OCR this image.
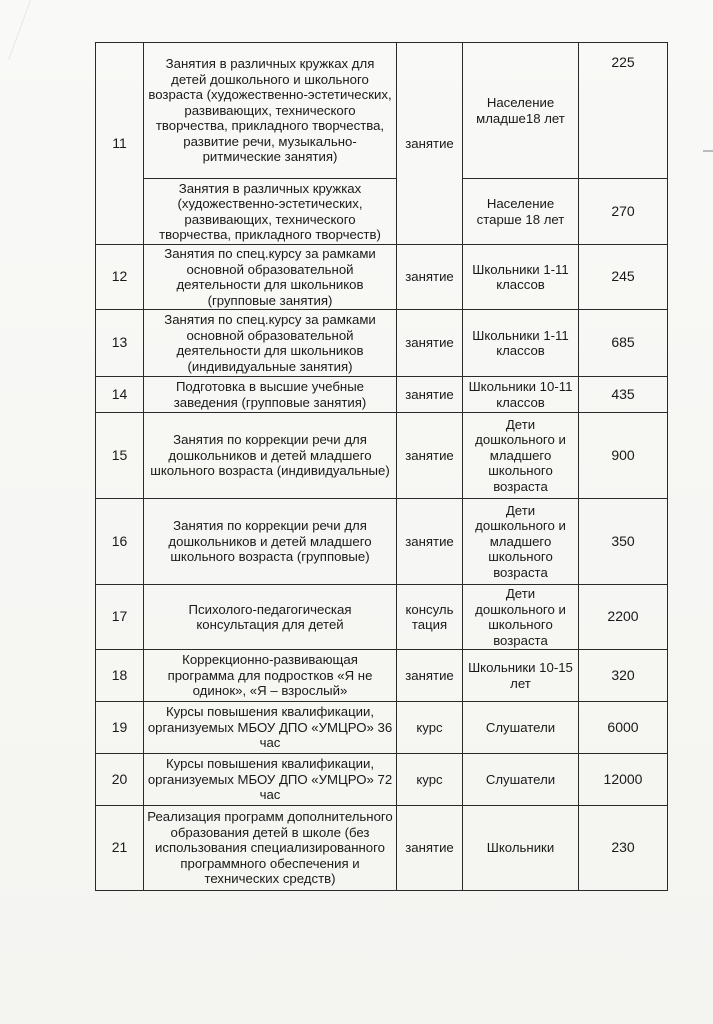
11	Занятия в различных кружках для детей дошкольного и школьного возраста (художественно-эстетических, развивающих, технического творчества, прикладного творчества, развитие речи, музыкально-ритмические занятия)	занятие	Население младше18 лет	225
	Занятия в различных кружках (художественно-эстетических, развивающих, технического творчества, прикладного творчеств)		Население старше 18 лет	270
12	Занятия по спец.курсу за рамками основной образовательной деятельности для школьников (групповые занятия)	занятие	Школьники 1-11 классов	245
13	Занятия по спец.курсу за рамками основной образовательной деятельности для школьников (индивидуальные занятия)	занятие	Школьники 1-11 классов	685
14	Подготовка в высшие учебные заведения (групповые занятия)	занятие	Школьники 10-11 классов	435
15	Занятия по коррекции речи для дошкольников и детей младшего школьного возраста (индивидуальные)	занятие	Дети дошкольного и младшего школьного возраста	900
16	Занятия по коррекции речи для дошкольников и детей младшего школьного возраста (групповые)	занятие	Дети дошкольного и младшего школьного возраста	350
17	Психолого-педагогическая консультация для детей	консуль тация	Дети дошкольного и школьного возраста	2200
18	Коррекционно-развивающая программа для подростков «Я не одинок», «Я – взрослый»	занятие	Школьники 10-15 лет	320
19	Курсы повышения квалификации, организуемых МБОУ ДПО «УМЦРО» 36 час	курс	Слушатели	6000
20	Курсы повышения квалификации, организуемых МБОУ ДПО «УМЦРО» 72 час	курс	Слушатели	12000
21	Реализация программ дополнительного образования детей в школе (без использования специализированного программного обеспечения и технических средств)	занятие	Школьники	230
